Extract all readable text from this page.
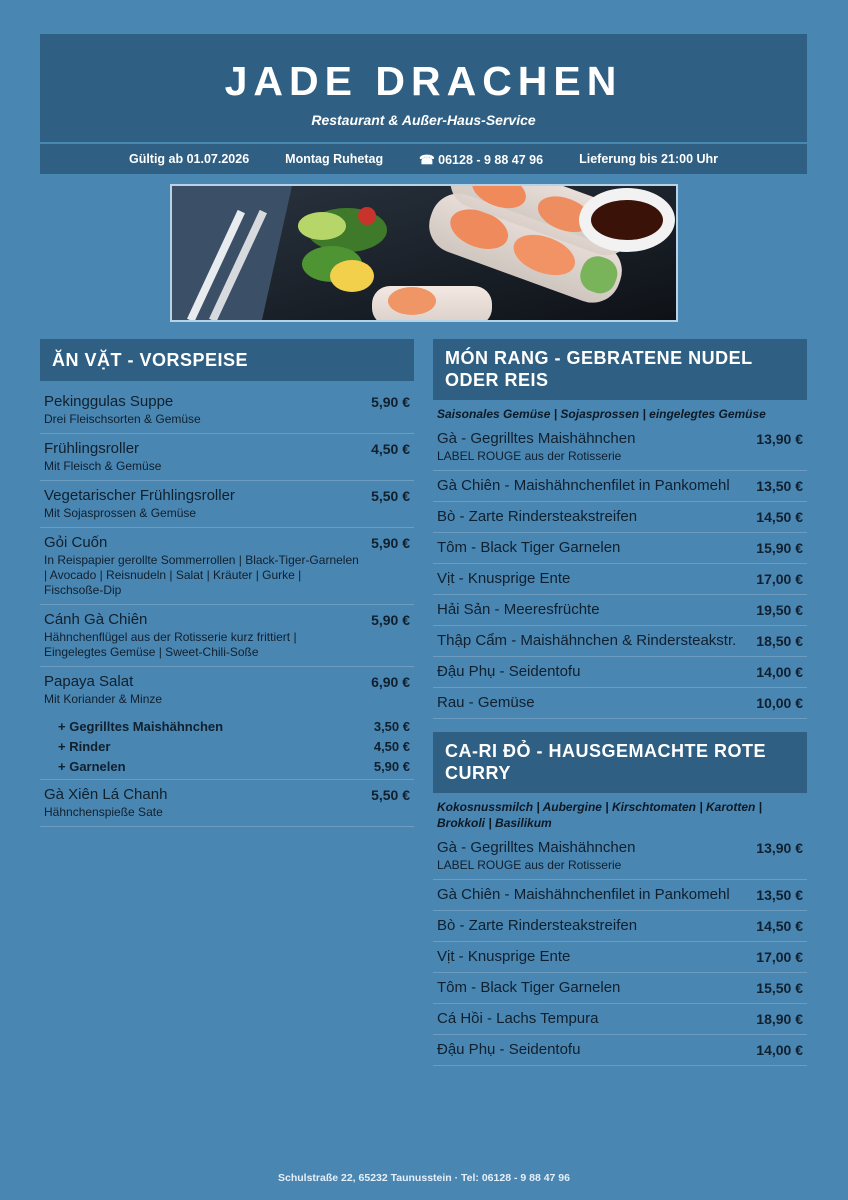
JADE DRACHEN
Restaurant & Außer-Haus-Service
Gültig ab 01.07.2026	Montag Ruhetag	☎ 06128 - 9 88 47 96	Lieferung bis 21:00 Uhr
ĂN VẶT - VORSPEISE
Pekinggulas Suppe
Drei Fleischsorten & Gemüse
5,90 €
Frühlingsroller
Mit Fleisch & Gemüse
4,50 €
Vegetarischer Frühlingsroller
Mit Sojasprossen & Gemüse
5,50 €
Gỏi Cuốn
In Reispapier gerollte Sommerrollen | Black-Tiger-Garnelen | Avocado | Reisnudeln | Salat | Kräuter | Gurke | Fischsoße-Dip
5,90 €
Cánh Gà Chiên
Hähnchenflügel aus der Rotisserie kurz frittiert | Eingelegtes Gemüse | Sweet-Chili-Soße
5,90 €
Papaya Salat
Mit Koriander & Minze
6,90 €
+ Gegrilltes Maishähnchen	3,50 €
+ Rinder	4,50 €
+ Garnelen	5,90 €
Gà Xiên Lá Chanh
Hähnchenspieße Sate
5,50 €
MÓN RANG - GEBRATENE NUDEL ODER REIS
Saisonales Gemüse | Sojasprossen | eingelegtes Gemüse
Gà - Gegrilltes Maishähnchen
LABEL ROUGE aus der Rotisserie
13,90 €
Gà Chiên - Maishähnchenfilet in Pankomehl	13,50 €
Bò - Zarte Rindersteakstreifen	14,50 €
Tôm - Black Tiger Garnelen	15,90 €
Vịt - Knusprige Ente	17,00 €
Hải Sản - Meeresfrüchte	19,50 €
Thập Cẩm - Maishähnchen & Rindersteakstr.	18,50 €
Đậu Phụ - Seidentofu	14,00 €
Rau - Gemüse	10,00 €
CA-RI ĐỎ - HAUSGEMACHTE ROTE CURRY
Kokosnussmilch | Aubergine | Kirschtomaten | Karotten | Brokkoli | Basilikum
Gà - Gegrilltes Maishähnchen
LABEL ROUGE aus der Rotisserie
13,90 €
Gà Chiên - Maishähnchenfilet in Pankomehl	13,50 €
Bò - Zarte Rindersteakstreifen	14,50 €
Vịt - Knusprige Ente	17,00 €
Tôm - Black Tiger Garnelen	15,50 €
Cá Hồi - Lachs Tempura	18,90 €
Đậu Phụ - Seidentofu	14,00 €
Schulstraße 22, 65232 Taunusstein · Tel: 06128 - 9 88 47 96
